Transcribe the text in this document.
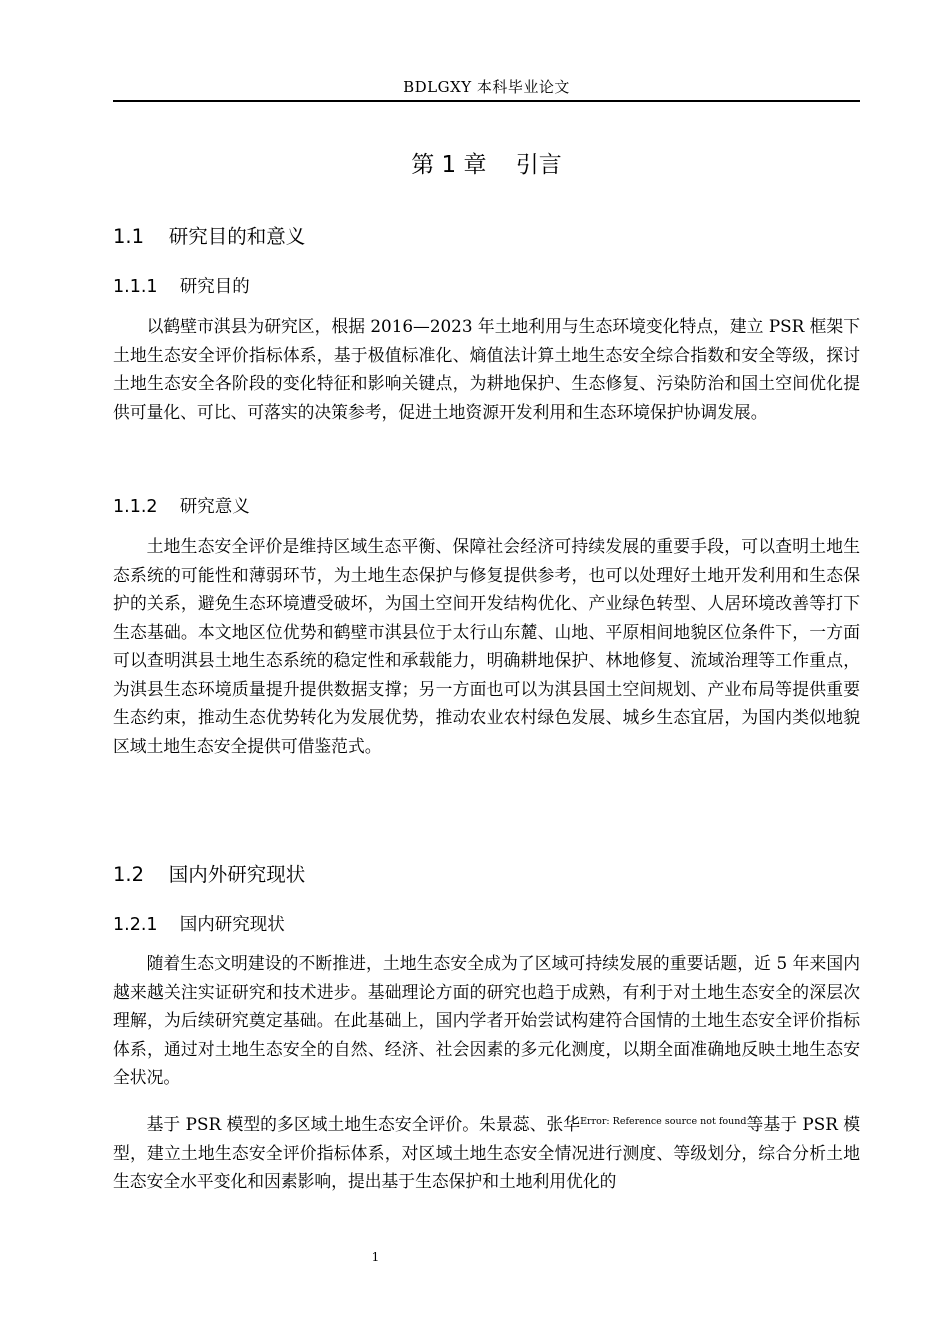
BDLGXY 本科毕业论文
第 1 章    引言
1.1    研究目的和意义
1.1.1    研究目的

以鹤壁市淇县为研究区，根据 2016—2023 年土地利用与生态环境变化特点，建立 PSR 框架下土地生态安全评价指标体系，基于极值标准化、熵值法计算土地生态安全综合指数和安全等级，探讨土地生态安全各阶段的变化特征和影响关键点，为耕地保护、生态修复、污染防治和国土空间优化提供可量化、可比、可落实的决策参考，促进土地资源开发利用和生态环境保护协调发展。

1.1.2    研究意义

土地生态安全评价是维持区域生态平衡、保障社会经济可持续发展的重要手段，可以查明土地生态系统的可能性和薄弱环节，为土地生态保护与修复提供参考，也可以处理好土地开发利用和生态保护的关系，避免生态环境遭受破坏，为国土空间开发结构优化、产业绿色转型、人居环境改善等打下生态基础。本文地区位优势和鹤壁市淇县位于太行山东麓、山地、平原相间地貌区位条件下，一方面可以查明淇县土地生态系统的稳定性和承载能力，明确耕地保护、林地修复、流域治理等工作重点，为淇县生态环境质量提升提供数据支撑；另一方面也可以为淇县国土空间规划、产业布局等提供重要生态约束，推动生态优势转化为发展优势，推动农业农村绿色发展、城乡生态宜居，为国内类似地貌区域土地生态安全提供可借鉴范式。

1.2    国内外研究现状
1.2.1    国内研究现状

随着生态文明建设的不断推进，土地生态安全成为了区域可持续发展的重要话题，近 5 年来国内越来越关注实证研究和技术进步。基础理论方面的研究也趋于成熟，有利于对土地生态安全的深层次理解，为后续研究奠定基础。在此基础上，国内学者开始尝试构建符合国情的土地生态安全评价指标体系，通过对土地生态安全的自然、经济、社会因素的多元化测度，以期全面准确地反映土地生态安全状况。

基于 PSR 模型的多区域土地生态安全评价。朱景蕊、张华$^{Error: Reference source not found}$等基于 PSR 模型，建立土地生态安全评价指标体系，对区域土地生态安全情况进行测度、等级划分，综合分析土地生态安全水平变化和因素影响，提出基于生态保护和土地利用优化的

1
